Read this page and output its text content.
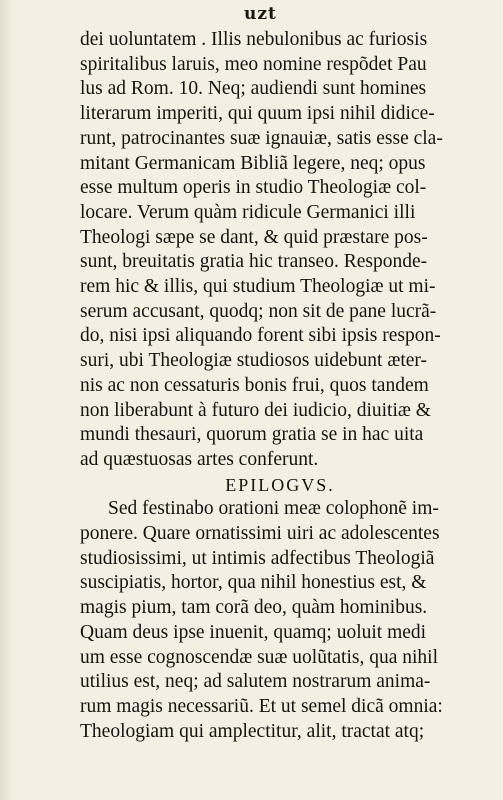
uzt
dei uoluntatem . Illis nebulonibus ac furiosis
spiritalibus laruis, meo nomine respõdet Pau
lus ad Rom. 10. Neq; audiendi sunt homines
literarum imperiti, qui quum ipsi nihil didice-
runt, patrocinantes suæ ignauiæ, satis esse cla-
mitant Germanicam Bibliã legere, neq; opus
esse multum operis in studio Theologiæ col-
locare. Verum quàm ridicule Germanici illi
Theologi sæpe se dant, & quid præstare pos-
sunt, breuitatis gratia hic transeo. Responde-
rem hic & illis, qui studium Theologiæ ut mi-
serum accusant, quodq; non sit de pane lucrã-
do, nisi ipsi aliquando forent sibi ipsis respon-
suri, ubi Theologiæ studiosos uidebunt æter-
nis ac non cessaturis bonis frui, quos tandem
non liberabunt à futuro dei iudicio, diuitiæ &
mundi thesauri, quorum gratia se in hac uita
ad quæstuosas artes conferunt.
EPILOGVS.
Sed festinabo orationi meæ colophonẽ im-
ponere. Quare ornatissimi uiri ac adolescentes
studiosissimi, ut intimis adfectibus Theologiã
suscipiatis, hortor, qua nihil honestius est, &
magis pium, tam corã deo, quàm hominibus.
Quam deus ipse inuenit, quamq; uoluit medi
um esse cognoscendæ suæ uolũtatis, qua nihil
utilius est, neq; ad salutem nostrarum anima-
rum magis necessariũ. Et ut semel dicã omnia:
Theologiam qui amplectitur, alit, tractat atq;
